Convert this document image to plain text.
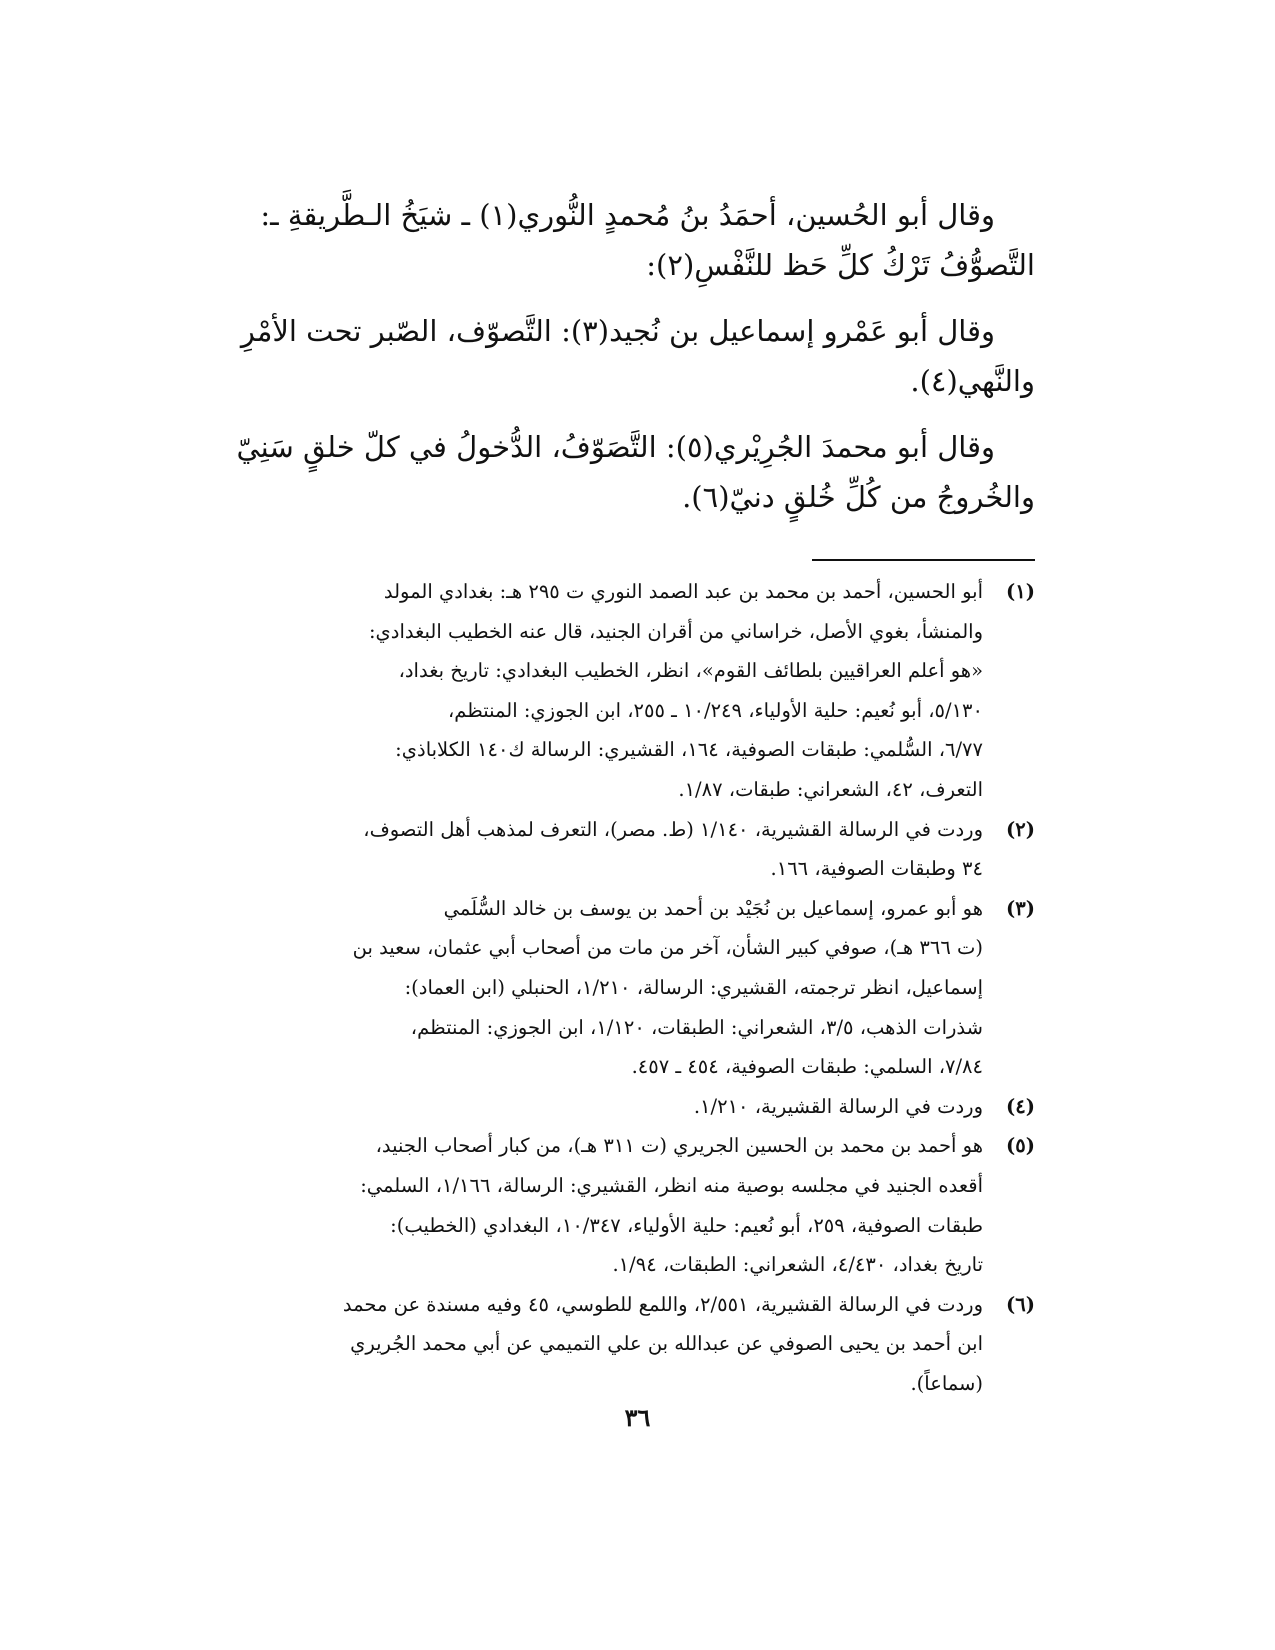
وقال أبو الحُسين، أحمَدُ بنُ مُحمدٍ النُّوري(١) ـ شيَخُ الـطَّريقةِ ـ:
التَّصوُّفُ تَرْكُ كلِّ حَظ للنَّفْسِ(٢):

وقال أبو عَمْرو إسماعيل بن نُجيد(٣): التَّصوّف، الصّبر تحت الأمْرِ
والنَّهي(٤).

وقال أبو محمدَ الجُرِيْري(٥): التَّصَوّفُ، الدُّخولُ في كلّ خلقٍ سَنِيّ
والخُروجُ من كُلِّ خُلقٍ دنيّ(٦).

(١)
أبو الحسين، أحمد بن محمد بن عبد الصمد النوري ت ٢٩٥ هـ: بغدادي المولد
والمنشأ، بغوي الأصل، خراساني من أقران الجنيد، قال عنه الخطيب البغدادي:
«هو أعلم العراقيين بلطائف القوم»، انظر، الخطيب البغدادي: تاريخ بغداد،
٥/١٣٠، أبو نُعيم: حلية الأولياء، ١٠/٢٤٩ ـ ٢٥٥، ابن الجوزي: المنتظم،
٦/٧٧، السُّلمي: طبقات الصوفية، ١٦٤، القشيري: الرسالة ك١٤٠ الكلاباذي:
التعرف، ٤٢، الشعراني: طبقات، ١/٨٧.
(٢)
وردت في الرسالة القشيرية، ١/١٤٠ (ط. مصر)، التعرف لمذهب أهل التصوف،
٣٤ وطبقات الصوفية، ١٦٦.
(٣)
هو أبو عمرو، إسماعيل بن نُجَيْد بن أحمد بن يوسف بن خالد السُّلَمي
(ت ٣٦٦ هـ)، صوفي كبير الشأن، آخر من مات من أصحاب أبي عثمان، سعيد بن
إسماعيل، انظر ترجمته، القشيري: الرسالة، ١/٢١٠، الحنبلي (ابن العماد):
شذرات الذهب، ٣/٥، الشعراني: الطبقات، ١/١٢٠، ابن الجوزي: المنتظم،
٧/٨٤، السلمي: طبقات الصوفية، ٤٥٤ ـ ٤٥٧.
(٤)
وردت في الرسالة القشيرية، ١/٢١٠.
(٥)
هو أحمد بن محمد بن الحسين الجريري (ت ٣١١ هـ)، من كبار أصحاب الجنيد،
أقعده الجنيد في مجلسه بوصية منه انظر، القشيري: الرسالة، ١/١٦٦، السلمي:
طبقات الصوفية، ٢٥٩، أبو نُعيم: حلية الأولياء، ١٠/٣٤٧، البغدادي (الخطيب):
تاريخ بغداد، ٤/٤٣٠، الشعراني: الطبقات، ١/٩٤.
(٦)
وردت في الرسالة القشيرية، ٢/٥٥١، واللمع للطوسي، ٤٥ وفيه مسندة عن محمد
ابن أحمد بن يحيى الصوفي عن عبدالله بن علي التميمي عن أبي محمد الجُريري
(سماعاً).
٣٦
